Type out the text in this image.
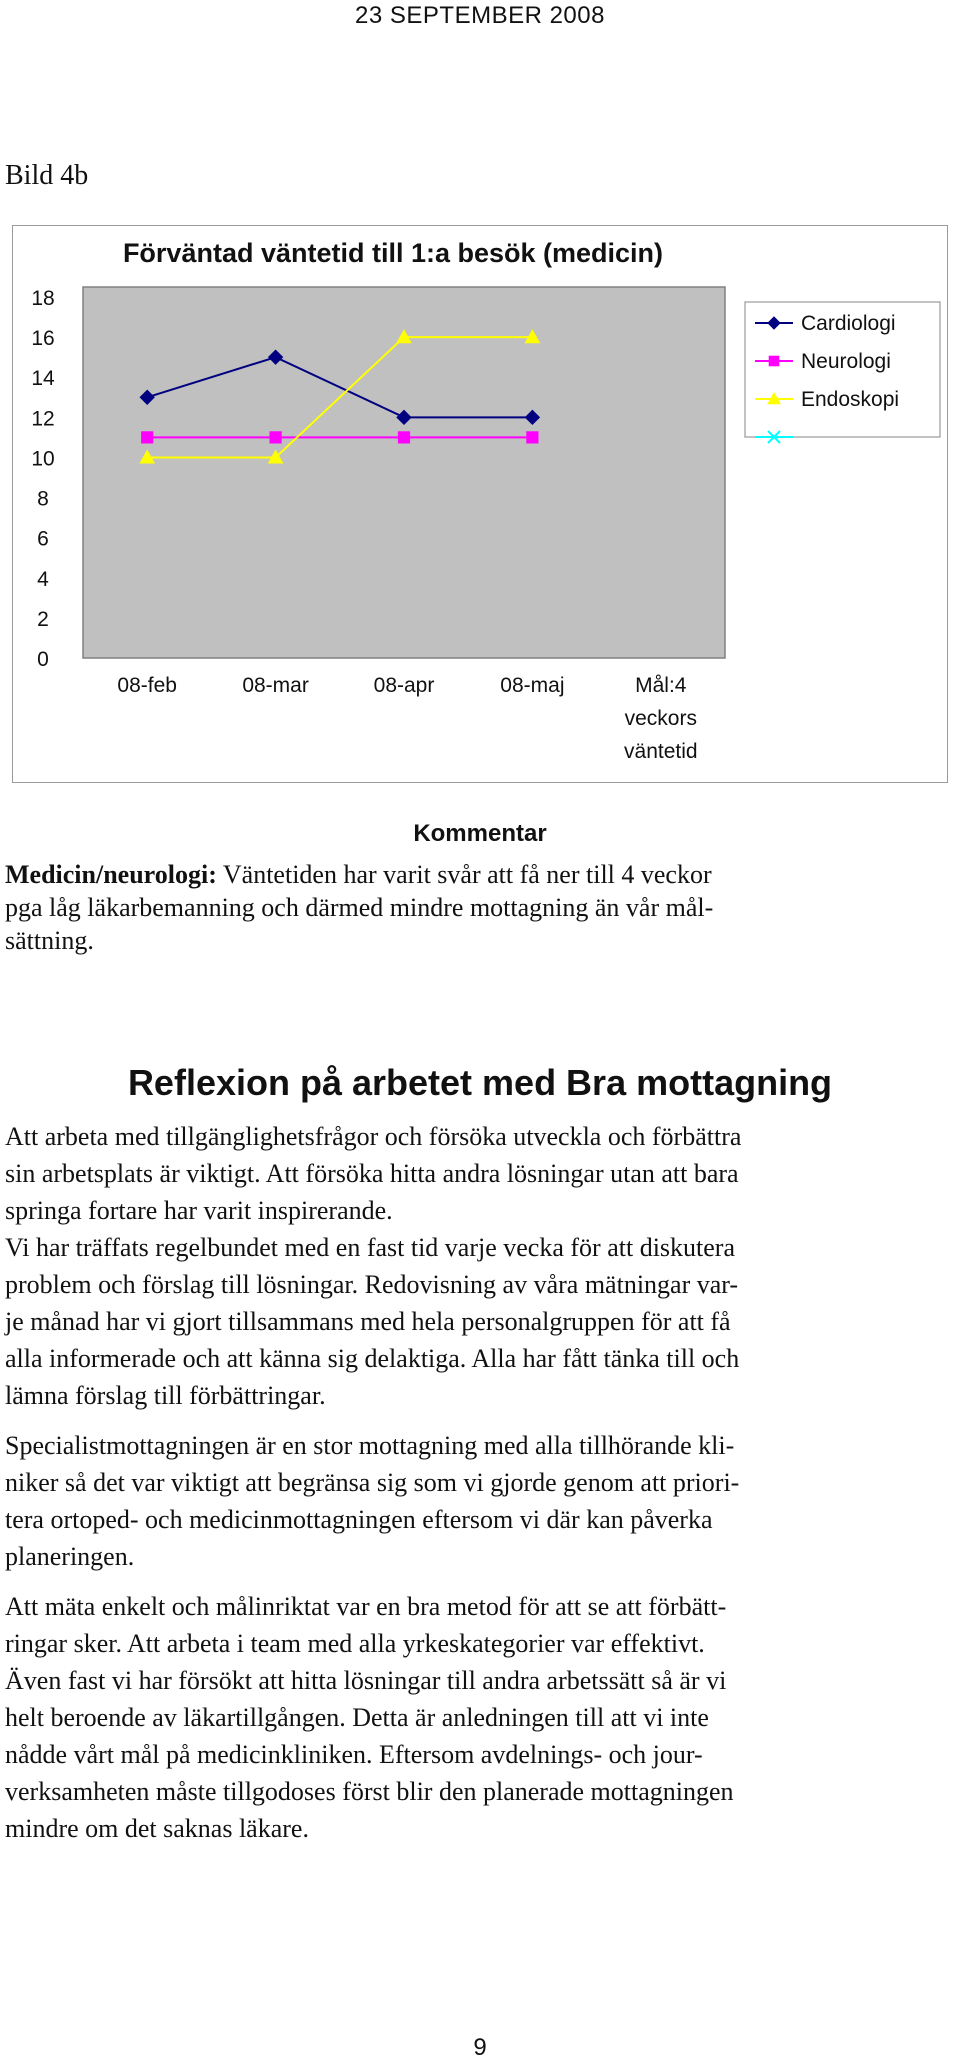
23 SEPTEMBER 2008
Bild 4b
Förväntad väntetid till 1:a besök (medicin)
0
2
4
6
8
10
12
14
16
18
08-feb	08-mar	08-apr	08-maj	Mål:4
veckors
väntetid
Cardiologi
Neurologi
Endoskopi
Kommentar
Medicin/neurologi: Väntetiden har varit svår att få ner till 4 veckor
pga låg läkarbemanning och därmed mindre mottagning än vår mål-
sättning.
Reflexion på arbetet med Bra mottagning

Att arbeta med tillgänglighetsfrågor och försöka utveckla och förbättra
sin arbetsplats är viktigt. Att försöka hitta andra lösningar utan att bara
springa fortare har varit inspirerande.
Vi har träffats regelbundet med en fast tid varje vecka för att diskutera
problem och förslag till lösningar. Redovisning av våra mätningar var-
je månad har vi gjort tillsammans med hela personalgruppen för att få
alla informerade och att känna sig delaktiga. Alla har fått tänka till och
lämna förslag till förbättringar.

Specialistmottagningen är en stor mottagning med alla tillhörande kli-
niker så det var viktigt att begränsa sig som vi gjorde genom att priori-
tera ortoped- och medicinmottagningen eftersom vi där kan påverka
planeringen.

Att mäta enkelt och målinriktat var en bra metod för att se att förbätt-
ringar sker. Att arbeta i team med alla yrkeskategorier var effektivt.
Även fast vi har försökt att hitta lösningar till andra arbetssätt så är vi
helt beroende av läkartillgången. Detta är anledningen till att vi inte
nådde vårt mål på medicinkliniken. Eftersom avdelnings- och jour-
verksamheten måste tillgodoses först blir den planerade mottagningen
mindre om det saknas läkare.

9
